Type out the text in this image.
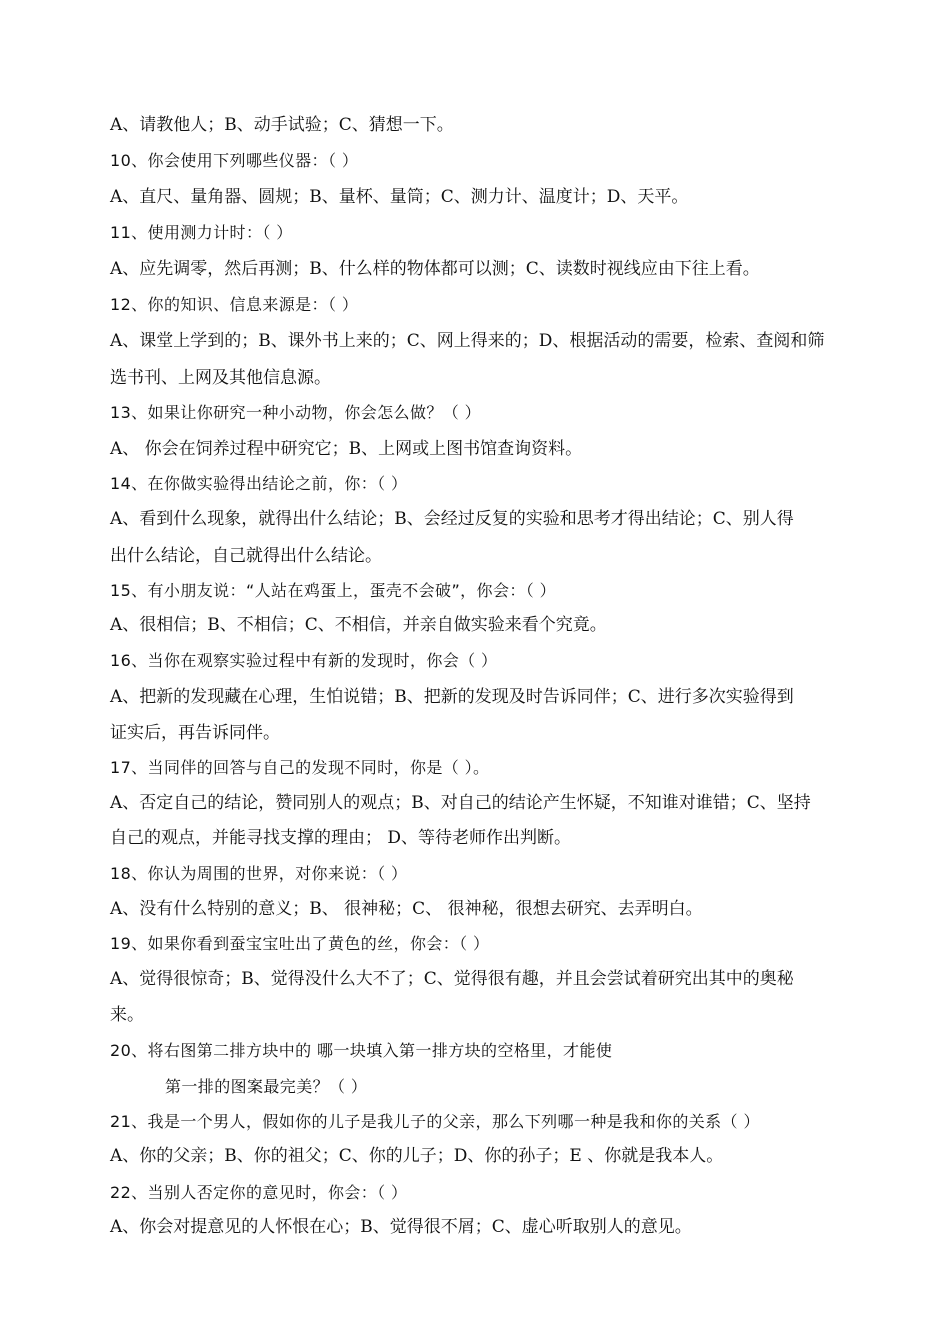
A、请教他人；B、动手试验；C、猜想一下。
10、你会使用下列哪些仪器：（ ）
A、直尺、量角器、圆规；B、量杯、量筒；C、测力计、温度计；D、天平。
11、使用测力计时：（ ）
A、应先调零，然后再测；B、什么样的物体都可以测；C、读数时视线应由下往上看。
12、你的知识、信息来源是：（ ）
A、课堂上学到的；B、课外书上来的；C、网上得来的；D、根据活动的需要，检索、查阅和筛
选书刊、上网及其他信息源。
13、如果让你研究一种小动物，你会怎么做？（ ）
A、 你会在饲养过程中研究它；B、上网或上图书馆查询资料。
14、在你做实验得出结论之前，你：（ ）
A、看到什么现象，就得出什么结论；B、会经过反复的实验和思考才得出结论；C、别人得
出什么结论，自己就得出什么结论。
15、有小朋友说：“人站在鸡蛋上，蛋壳不会破”，你会：（ ）
A、很相信；B、不相信；C、不相信，并亲自做实验来看个究竟。
16、当你在观察实验过程中有新的发现时，你会（ ）
A、把新的发现藏在心理，生怕说错；B、把新的发现及时告诉同伴；C、进行多次实验得到
证实后，再告诉同伴。
17、当同伴的回答与自己的发现不同时，你是（ ）。
A、否定自己的结论，赞同别人的观点；B、对自己的结论产生怀疑，不知谁对谁错；C、坚持
自己的观点，并能寻找支撑的理由； D、等待老师作出判断。
18、你认为周围的世界，对你来说：（ ）
A、没有什么特别的意义；B、 很神秘；C、 很神秘，很想去研究、去弄明白。
19、如果你看到蚕宝宝吐出了黄色的丝，你会：（ ）
A、觉得很惊奇；B、觉得没什么大不了；C、觉得很有趣，并且会尝试着研究出其中的奥秘
来。
20、将右图第二排方块中的 哪一块填入第一排方块的空格里，才能使
第一排的图案最完美？（ ）
21、我是一个男人，假如你的儿子是我儿子的父亲，那么下列哪一种是我和你的关系（ ）
A、你的父亲；B、你的祖父；C、你的儿子；D、你的孙子；E 、你就是我本人。
22、当别人否定你的意见时，你会：（ ）
A、你会对提意见的人怀恨在心；B、觉得很不屑；C、虚心听取别人的意见。
